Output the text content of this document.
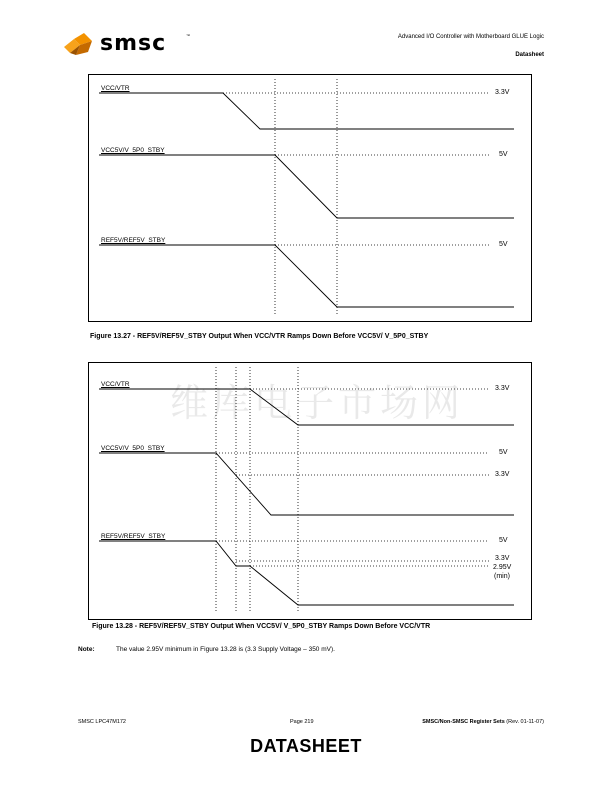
smsc	™	Advanced I/O Controller with Motherboard GLUE Logic
Datasheet
VCC/VTR
VCC5V/V_5P0_STBY
REF5V/REF5V_STBY
3.3V
5V
5V
Figure 13.27 - REF5V/REF5V_STBY Output When VCC/VTR Ramps Down Before VCC5V/ V_5P0_STBY
维库电子市场网
VCC/VTR
VCC5V/V_5P0_STBY
REF5V/REF5V_STBY
3.3V
5V
3.3V
5V
3.3V
2.95V
(min)
Figure 13.28 - REF5V/REF5V_STBY Output When VCC5V/ V_5P0_STBY Ramps Down Before VCC/VTR
Note:	The value 2.95V minimum in Figure 13.28 is (3.3 Supply Voltage – 350 mV).
SMSC LPC47M172	Page 219	SMSC/Non-SMSC Register Sets (Rev. 01-11-07)
DATASHEET
